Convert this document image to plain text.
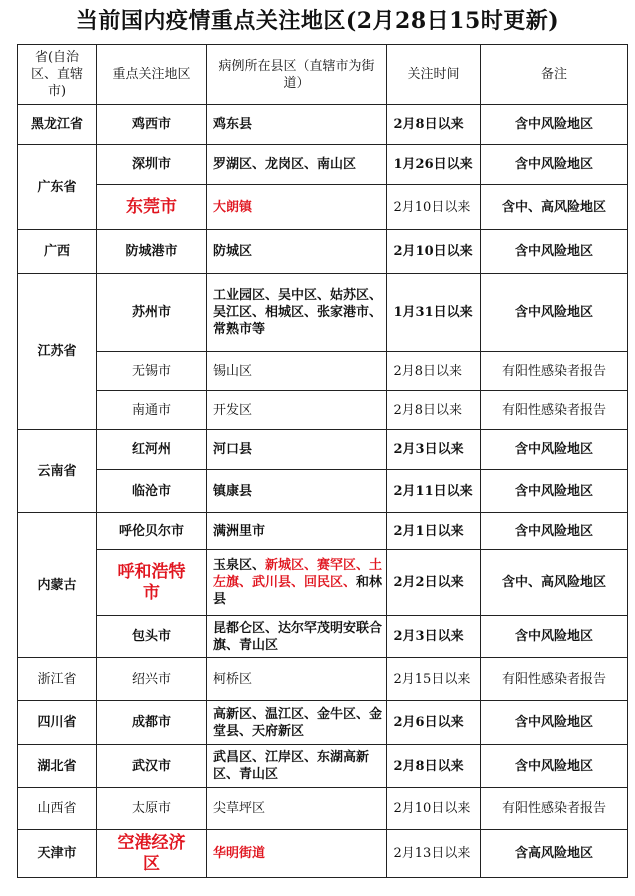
当前国内疫情重点关注地区(2月28日15时更新)
省(自治区、直辖市)	重点关注地区	病例所在县区（直辖市为街道）	关注时间	备注
黑龙江省	鸡西市	鸡东县	2月8日以来	含中风险地区
广东省	深圳市	罗湖区、龙岗区、南山区	1月26日以来	含中风险地区
	东莞市	大朗镇	2月10日以来	含中、高风险地区
广西	防城港市	防城区	2月10日以来	含中风险地区
江苏省	苏州市	工业园区、吴中区、姑苏区、吴江区、相城区、张家港市、常熟市等	1月31日以来	含中风险地区
	无锡市	锡山区	2月8日以来	有阳性感染者报告
	南通市	开发区	2月8日以来	有阳性感染者报告
云南省	红河州	河口县	2月3日以来	含中风险地区
	临沧市	镇康县	2月11日以来	含中风险地区
内蒙古	呼伦贝尔市	满洲里市	2月1日以来	含中风险地区
	呼和浩特市	玉泉区、新城区、赛罕区、土左旗、武川县、回民区、和林县	2月2日以来	含中、高风险地区
	包头市	昆都仑区、达尔罕茂明安联合旗、青山区	2月3日以来	含中风险地区
浙江省	绍兴市	柯桥区	2月15日以来	有阳性感染者报告
四川省	成都市	高新区、温江区、金牛区、金堂县、天府新区	2月6日以来	含中风险地区
湖北省	武汉市	武昌区、江岸区、东湖高新区、青山区	2月8日以来	含中风险地区
山西省	太原市	尖草坪区	2月10日以来	有阳性感染者报告
天津市	空港经济区	华明街道	2月13日以来	含高风险地区
